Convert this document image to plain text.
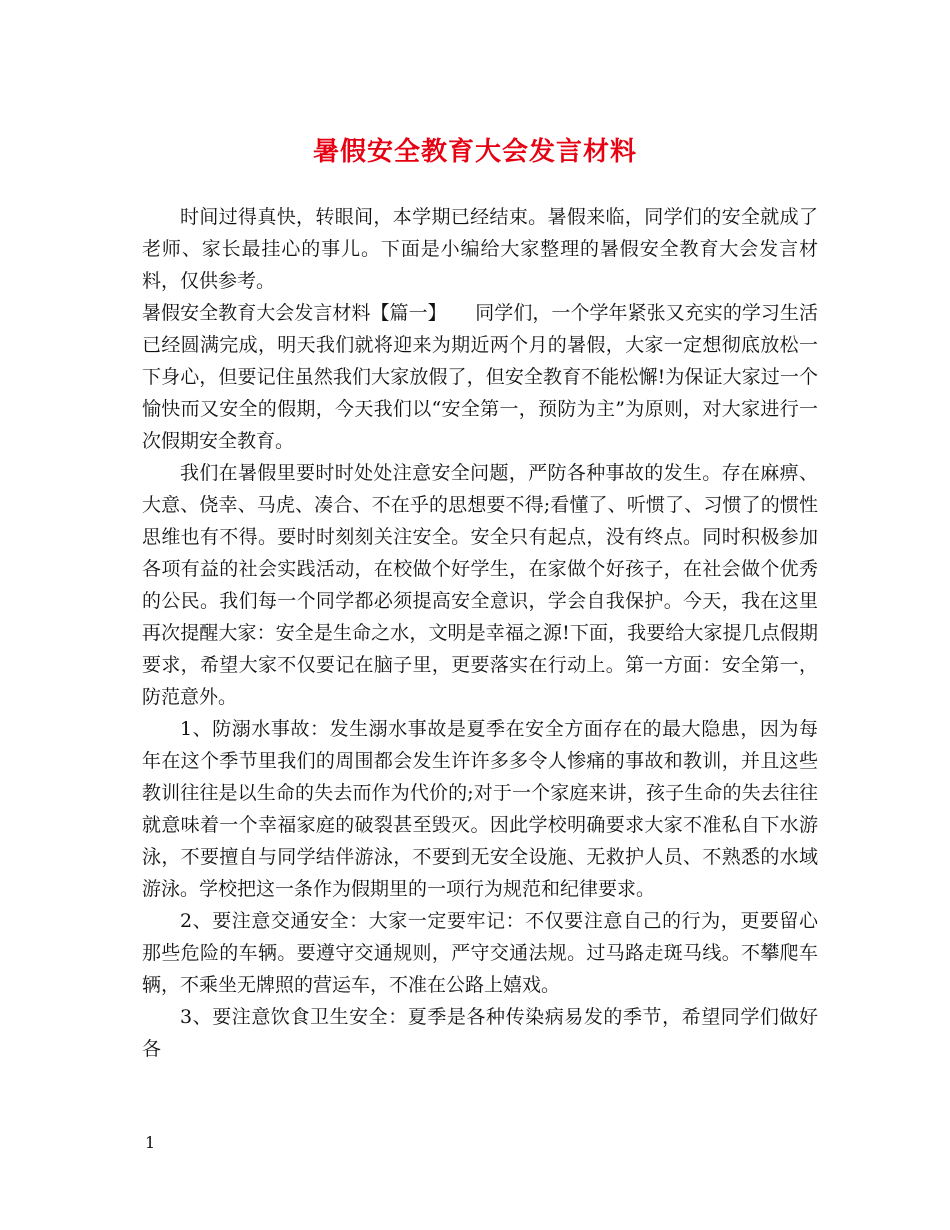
暑假安全教育大会发言材料

时间过得真快，转眼间，本学期已经结束。暑假来临，同学们的安全就成了老师、家长最挂心的事儿。下面是小编给大家整理的暑假安全教育大会发言材料，仅供参考。

暑假安全教育大会发言材料【篇一】　　同学们，一个学年紧张又充实的学习生活已经圆满完成，明天我们就将迎来为期近两个月的暑假，大家一定想彻底放松一下身心，但要记住虽然我们大家放假了，但安全教育不能松懈!为保证大家过一个愉快而又安全的假期，今天我们以“安全第一，预防为主”为原则，对大家进行一次假期安全教育。

我们在暑假里要时时处处注意安全问题，严防各种事故的发生。存在麻痹、大意、侥幸、马虎、凑合、不在乎的思想要不得;看懂了、听惯了、习惯了的惯性思维也有不得。要时时刻刻关注安全。安全只有起点，没有终点。同时积极参加各项有益的社会实践活动，在校做个好学生，在家做个好孩子，在社会做个优秀的公民。我们每一个同学都必须提高安全意识，学会自我保护。今天，我在这里再次提醒大家：安全是生命之水，文明是幸福之源!下面，我要给大家提几点假期要求，希望大家不仅要记在脑子里，更要落实在行动上。第一方面：安全第一，防范意外。

1、防溺水事故：发生溺水事故是夏季在安全方面存在的最大隐患，因为每年在这个季节里我们的周围都会发生许许多多令人惨痛的事故和教训，并且这些教训往往是以生命的失去而作为代价的;对于一个家庭来讲，孩子生命的失去往往就意味着一个幸福家庭的破裂甚至毁灭。因此学校明确要求大家不准私自下水游泳，不要擅自与同学结伴游泳，不要到无安全设施、无救护人员、不熟悉的水域游泳。学校把这一条作为假期里的一项行为规范和纪律要求。

2、要注意交通安全：大家一定要牢记：不仅要注意自己的行为，更要留心那些危险的车辆。要遵守交通规则，严守交通法规。过马路走斑马线。不攀爬车辆，不乘坐无牌照的营运车，不准在公路上嬉戏。

3、要注意饮食卫生安全：夏季是各种传染病易发的季节，希望同学们做好各

1
